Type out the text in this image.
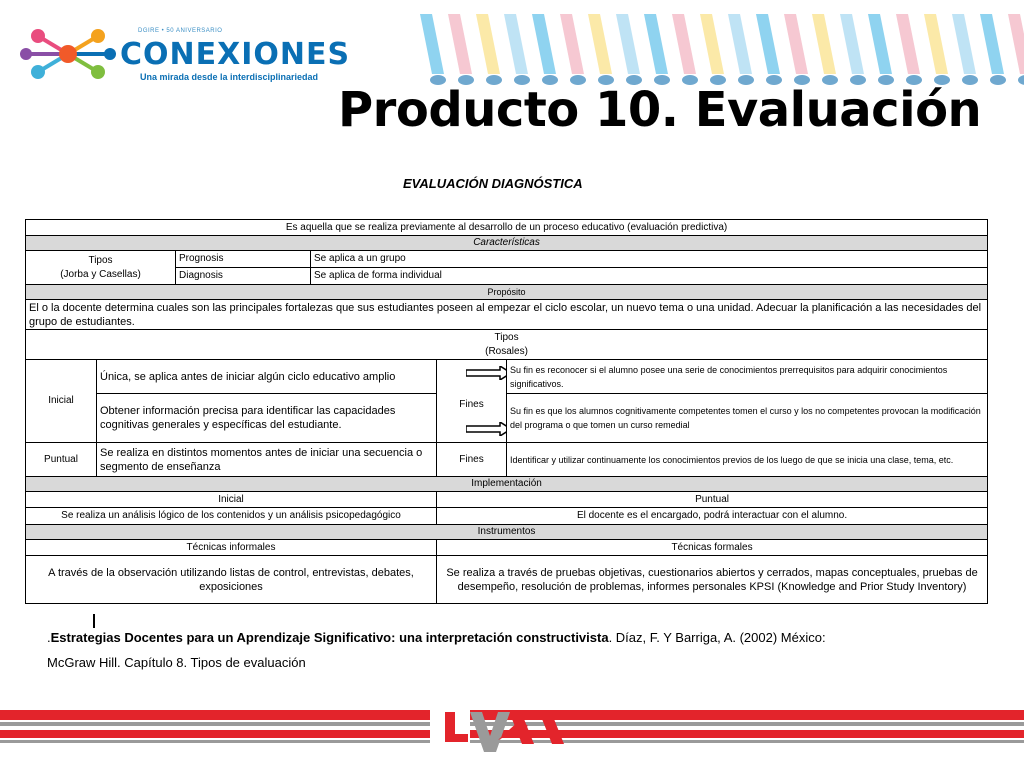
DGIRE • 50 ANIVERSARIO
CONEXIONES
Una mirada desde la interdisciplinariedad
Producto 10. Evaluación
EVALUACIÓN DIAGNÓSTICA
Es aquella que se realiza previamente al desarrollo de un proceso educativo (evaluación predictiva)					
Características					

Tipos
(Jorba y Casellas)		Prognosis	Se aplica a un grupo		
		Diagnosis	Se aplica de forma individual		
Propósito					
El o la docente determina cuales son las principales fortalezas que sus estudiantes poseen al empezar el ciclo escolar, un nuevo tema o una unidad. Adecuar la planificación a las necesidades del grupo de estudiantes.					

Tipos
(Rosales)					

Inicial	Única, se aplica antes de iniciar algún ciclo educativo amplio			Fines	Su fin es reconocer si el alumno posee una serie de conocimientos prerrequisitos para adquirir conocimientos significativos.
	Obtener información precisa para identificar las capacidades cognitivas generales y específicas del estudiante.				Su fin es que los alumnos cognitivamente competentes tomen el curso y los no competentes provocan la modificación del programa o que tomen un curso remedial
Puntual	Se realiza en distintos momentos antes de iniciar una secuencia o segmento de enseñanza			Fines	Identificar y utilizar continuamente los conocimientos previos de los luego de que se inicia una clase, tema, etc.
Implementación					
Inicial				Puntual	
Se realiza un análisis lógico de los contenidos y un análisis psicopedagógico				El docente es el encargado, podrá interactuar con el alumno.	
Instrumentos					
Técnicas informales				Técnicas formales	
A través de la observación utilizando listas de control, entrevistas, debates, exposiciones				Se realiza a través de pruebas objetivas, cuestionarios abiertos y cerrados, mapas conceptuales, pruebas de desempeño, resolución de problemas, informes personales KPSI (Knowledge and Prior Study Inventory)	
.Estrategias Docentes para un Aprendizaje Significativo: una interpretación constructivista. Díaz, F. Y Barriga, A. (2002) México:
McGraw Hill. Capítulo 8. Tipos de evaluación
UVAA
